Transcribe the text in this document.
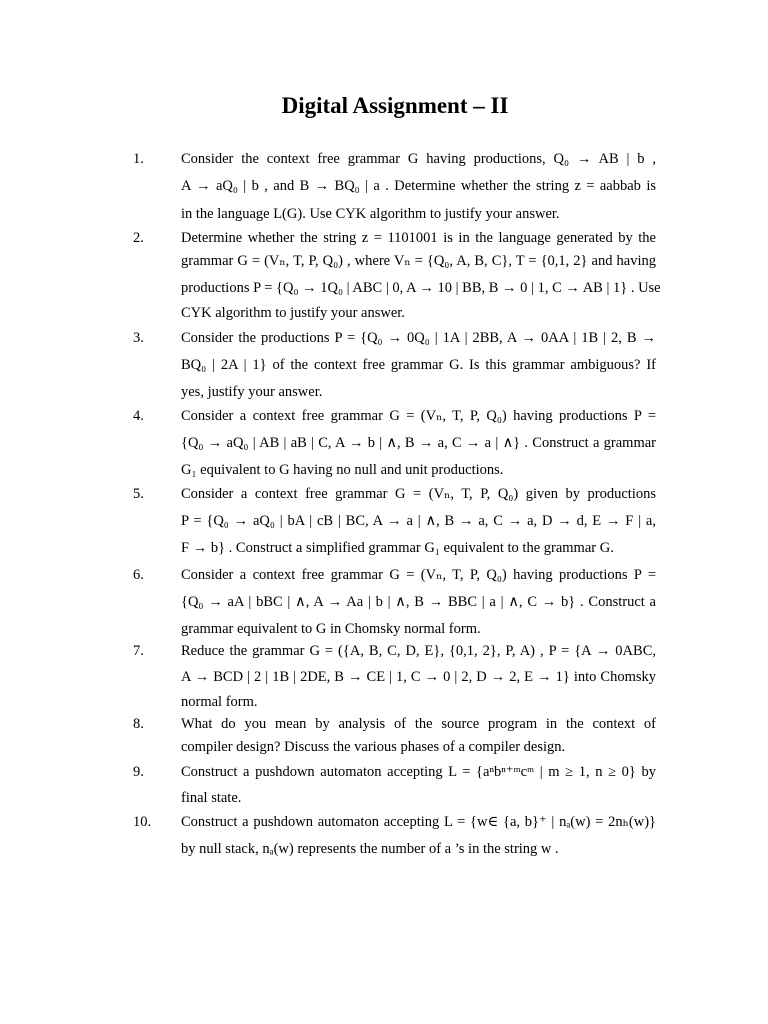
Digital Assignment – II
1.	Consider the context free grammar G having productions, Q₀ → AB | b ,
A → aQ₀ | b , and B → BQ₀ | a . Determine whether the string z = aabbab is
in the language L(G). Use CYK algorithm to justify your answer.
2.	Determine whether the string z = 1101001 is in the language generated by the
grammar G = (Vₙ, T, P, Q₀) , where Vₙ = {Q₀, A, B, C}, T = {0,1, 2} and having
productions P = {Q₀ → 1Q₀ | ABC | 0, A → 10 | BB, B → 0 | 1, C → AB | 1} . Use
CYK algorithm to justify your answer.
3.	Consider the productions P = {Q₀ → 0Q₀ | 1A | 2BB, A → 0AA | 1B | 2, B →
BQ₀ | 2A | 1} of the context free grammar G. Is this grammar ambiguous? If
yes, justify your answer.
4.	Consider a context free grammar G = (Vₙ, T, P, Q₀) having productions P =
{Q₀ → aQ₀ | AB | aB | C, A → b | ∧, B → a, C → a | ∧} . Construct a grammar
G₁ equivalent to G having no null and unit productions.
5.	Consider a context free grammar G = (Vₙ, T, P, Q₀) given by productions
P = {Q₀ → aQ₀ | bA | cB | BC, A → a | ∧, B → a, C → a, D → d, E → F | a,
F → b} . Construct a simplified grammar G₁ equivalent to the grammar G.
6.	Consider a context free grammar G = (Vₙ, T, P, Q₀) having productions P =
{Q₀ → aA | bBC | ∧, A → Aa | b | ∧, B → BBC | a | ∧, C → b} . Construct a
grammar equivalent to G in Chomsky normal form.
7.	Reduce the grammar G = ({A, B, C, D, E}, {0,1, 2}, P, A) , P = {A → 0ABC,
A → BCD | 2 | 1B | 2DE, B → CE | 1, C → 0 | 2, D → 2, E → 1} into Chomsky
normal form.
8.	What do you mean by analysis of the source program in the context of
compiler design? Discuss the various phases of a compiler design.
9.	Construct a pushdown automaton accepting L = {aⁿbⁿ⁺ᵐcᵐ | m ≥ 1, n ≥ 0} by
final state.
10.	Construct a pushdown automaton accepting L = {w∈ {a, b}⁺ | nₐ(w) = 2nₕ(w)}
by null stack, nₐ(w) represents the number of a ’s in the string w .
